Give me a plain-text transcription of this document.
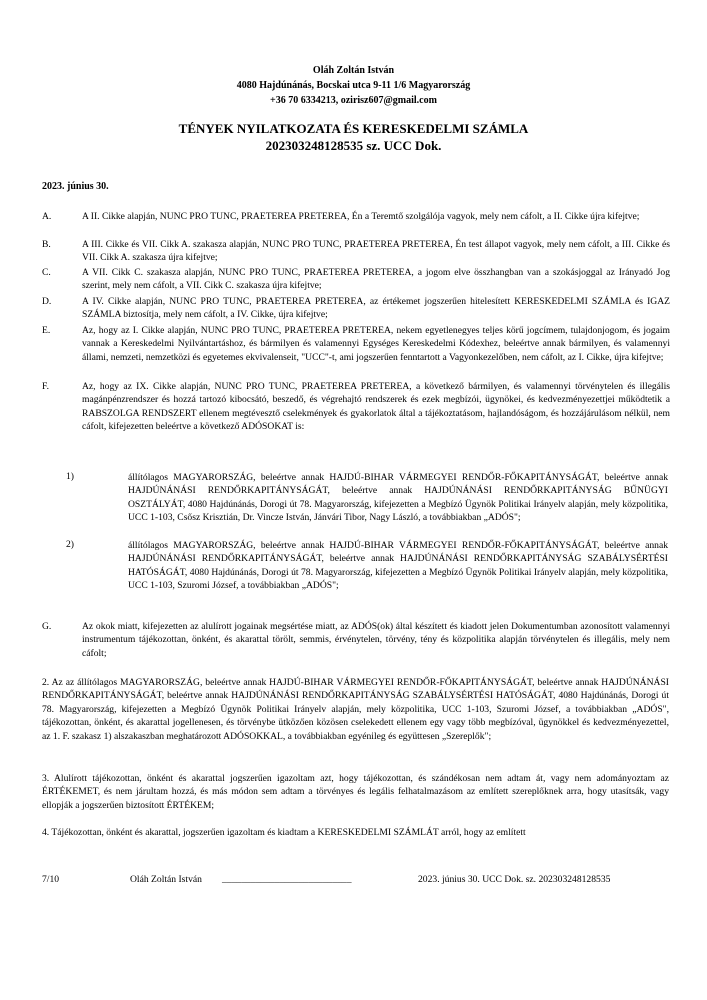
Oláh Zoltán István
4080 Hajdúnánás, Bocskai utca 9-11 1/6 Magyarország
+36 70 6334213, ozirisz607@gmail.com
TÉNYEK NYILATKOZATA ÉS KERESKEDELMI SZÁMLA
202303248128535 sz. UCC Dok.
2023. június 30.
A.	A II. Cikke alapján, NUNC PRO TUNC, PRAETEREA PRETEREA, Én a Teremtő szolgálója vagyok, mely nem cáfolt, a II. Cikke újra kifejtve;
B.	A III. Cikke és VII. Cikk A. szakasza alapján, NUNC PRO TUNC, PRAETEREA PRETEREA, Én test állapot vagyok, mely nem cáfolt, a III. Cikke és VII. Cikk A. szakasza újra kifejtve;
C.	A VII. Cikk C. szakasza alapján, NUNC PRO TUNC, PRAETEREA PRETEREA, a jogom elve összhangban van a szokásjoggal az Irányadó Jog szerint, mely nem cáfolt, a VII. Cikk C. szakasza újra kifejtve;
D.	A IV. Cikke alapján, NUNC PRO TUNC, PRAETEREA PRETEREA, az értékemet jogszerűen hitelesített KERESKEDELMI SZÁMLA és IGAZ SZÁMLA biztosítja, mely nem cáfolt, a IV. Cikke, újra kifejtve;
E.	Az, hogy az I. Cikke alapján, NUNC PRO TUNC, PRAETEREA PRETEREA, nekem egyetlenegyes teljes körű jogcímem, tulajdonjogom, és jogaim vannak a Kereskedelmi Nyilvántartáshoz, és bármilyen és valamennyi Egységes Kereskedelmi Kódexhez, beleértve annak bármilyen, és valamennyi állami, nemzeti, nemzetközi és egyetemes ekvivalenseit, "UCC"-t, ami jogszerűen fenntartott a Vagyonkezelőben, nem cáfolt, az I. Cikke, újra kifejtve;
F.	Az, hogy az IX. Cikke alapján, NUNC PRO TUNC, PRAETEREA PRETEREA, a következő bármilyen, és valamennyi törvénytelen és illegális magánpénzrendszer és hozzá tartozó kibocsátó, beszedő, és végrehajtó rendszerek és ezek megbízói, ügynökei, és kedvezményezettjei működtetik a RABSZOLGA RENDSZERT ellenem megtévesztő cselekmények és gyakorlatok által a tájékoztatásom, hajlandóságom, és hozzájárulásom nélkül, nem cáfolt, kifejezetten beleértve a következő ADÓSOKAT is:
1)	állítólagos MAGYARORSZÁG, beleértve annak HAJDÚ-BIHAR VÁRMEGYEI RENDŐR-FŐKAPITÁNYSÁGÁT, beleértve annak HAJDÚNÁNÁSI RENDŐRKAPITÁNYSÁGÁT, beleértve annak HAJDÚNÁNÁSI RENDŐRKAPITÁNYSÁG BŰNÜGYI OSZTÁLYÁT, 4080 Hajdúnánás, Dorogi út 78. Magyarország, kifejezetten a Megbízó Ügynök Politikai Irányelv alapján, mely közpolitika, UCC 1-103, Csősz Krisztián, Dr. Vincze István, Jánvári Tibor, Nagy László, a továbbiakban „ADÓS";
2)	állítólagos MAGYARORSZÁG, beleértve annak HAJDÚ-BIHAR VÁRMEGYEI RENDŐR-FŐKAPITÁNYSÁGÁT, beleértve annak HAJDÚNÁNÁSI RENDŐRKAPITÁNYSÁGÁT, beleértve annak HAJDÚNÁNÁSI RENDŐRKAPITÁNYSÁG SZABÁLYSÉRTÉSI HATÓSÁGÁT, 4080 Hajdúnánás, Dorogi út 78. Magyarország, kifejezetten a Megbízó Ügynök Politikai Irányelv alapján, mely közpolitika, UCC 1-103, Szuromi József, a továbbiakban „ADÓS";
G.	Az okok miatt, kifejezetten az alulírott jogainak megsértése miatt, az ADÓS(ok) által készített és kiadott jelen Dokumentumban azonosított valamennyi instrumentum tájékozottan, önként, és akarattal törölt, semmis, érvénytelen, törvény, tény és közpolitika alapján törvénytelen és illegális, mely nem cáfolt;
2. Az az állítólagos MAGYARORSZÁG, beleértve annak HAJDÚ-BIHAR VÁRMEGYEI RENDŐR-FŐKAPITÁNYSÁGÁT, beleértve annak HAJDÚNÁNÁSI RENDŐRKAPITÁNYSÁGÁT, beleértve annak HAJDÚNÁNÁSI RENDŐRKAPITÁNYSÁG SZABÁLYSÉRTÉSI HATÓSÁGÁT, 4080 Hajdúnánás, Dorogi út 78. Magyarország, kifejezetten a Megbízó Ügynök Politikai Irányelv alapján, mely közpolitika, UCC 1-103, Szuromi József, a továbbiakban „ADÓS", tájékozottan, önként, és akarattal jogellenesen, és törvénybe ütközően közösen cselekedett ellenem egy vagy több megbízóval, ügynökkel és kedvezményezettel, az 1. F. szakasz 1) alszakaszban meghatározott ADÓSOKKAL, a továbbiakban egyénileg és együttesen „Szereplők";
3. Alulírott tájékozottan, önként és akarattal jogszerűen igazoltam azt, hogy tájékozottan, és szándékosan nem adtam át, vagy nem adományoztam az ÉRTÉKEMET, és nem járultam hozzá, és más módon sem adtam a törvényes és legális felhatalmazásom az említett szereplőknek arra, hogy utasítsák, vagy ellopják a jogszerűen biztosított ÉRTÉKEM;
4. Tájékozottan, önként és akarattal, jogszerűen igazoltam és kiadtam a KERESKEDELMI SZÁMLÁT arról, hogy az említett
7/10	Oláh Zoltán István ___________________________	2023. június 30. UCC Dok. sz. 202303248128535
